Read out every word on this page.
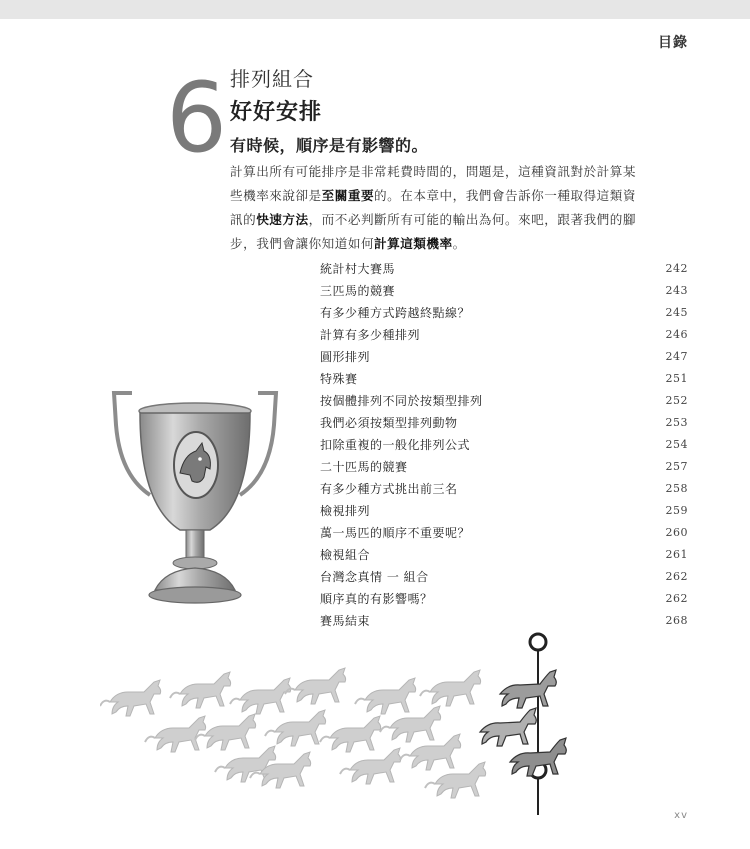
目錄
6 排列組合
好好安排
有時候，順序是有影響的。
計算出所有可能排序是非常耗費時間的，問題是，這種資訊對於計算某些機率來說卻是至關重要的。在本章中，我們會告訴你一種取得這類資訊的快速方法，而不必判斷所有可能的輸出為何。來吧，跟著我們的腳步，我們會讓你知道如何計算這類機率。
統計村大賽馬	242
三匹馬的競賽	243
有多少種方式跨越終點線？	245
計算有多少種排列	246
圓形排列	247
特殊賽	251
按個體排列不同於按類型排列	252
我們必須按類型排列動物	253
扣除重複的一般化排列公式	254
二十匹馬的競賽	257
有多少種方式挑出前三名	258
檢視排列	259
萬一馬匹的順序不重要呢？	260
檢視組合	261
台灣念真情 一 組合	262
順序真的有影響嗎？	262
賽馬結束	268
xv
